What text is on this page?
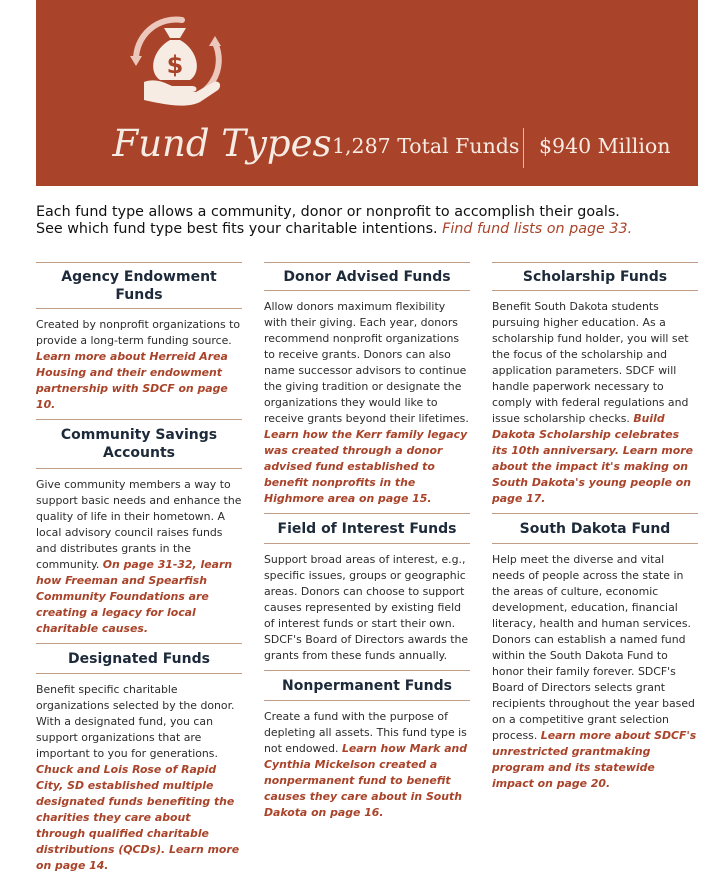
$
Fund Types 1,287 Total Funds $940 Million
Each fund type allows a community, donor or nonprofit to accomplish their goals.
See which fund type best fits your charitable intentions. Find fund lists on page 33.
Agency Endowment Funds
Created by nonprofit organizations to provide a long-term funding source. Learn more about Herreid Area Housing and their endowment partnership with SDCF on page 10.
Community Savings Accounts
Give community members a way to support basic needs and enhance the quality of life in their hometown. A local advisory council raises funds and distributes grants in the community. On page 31-32, learn how Freeman and Spearfish Community Foundations are creating a legacy for local charitable causes.
Designated Funds
Benefit specific charitable organizations selected by the donor. With a designated fund, you can support organizations that are important to you for generations. Chuck and Lois Rose of Rapid City, SD established multiple designated funds benefiting the charities they care about through qualified charitable distributions (QCDs). Learn more on page 14.
Donor Advised Funds
Allow donors maximum flexibility with their giving. Each year, donors recommend nonprofit organizations to receive grants. Donors can also name successor advisors to continue the giving tradition or designate the organizations they would like to receive grants beyond their lifetimes. Learn how the Kerr family legacy was created through a donor advised fund established to benefit nonprofits in the Highmore area on page 15.
Field of Interest Funds
Support broad areas of interest, e.g., specific issues, groups or geographic areas. Donors can choose to support causes represented by existing field of interest funds or start their own. SDCF's Board of Directors awards the grants from these funds annually.
Nonpermanent Funds
Create a fund with the purpose of depleting all assets. This fund type is not endowed. Learn how Mark and Cynthia Mickelson created a nonpermanent fund to benefit causes they care about in South Dakota on page 16.
Scholarship Funds
Benefit South Dakota students pursuing higher education. As a scholarship fund holder, you will set the focus of the scholarship and application parameters. SDCF will handle paperwork necessary to comply with federal regulations and issue scholarship checks. Build Dakota Scholarship celebrates its 10th anniversary. Learn more about the impact it's making on South Dakota's young people on page 17.
South Dakota Fund
Help meet the diverse and vital needs of people across the state in the areas of culture, economic development, education, financial literacy, health and human services. Donors can establish a named fund within the South Dakota Fund to honor their family forever. SDCF's Board of Directors selects grant recipients throughout the year based on a competitive grant selection process. Learn more about SDCF's unrestricted grantmaking program and its statewide impact on page 20.
